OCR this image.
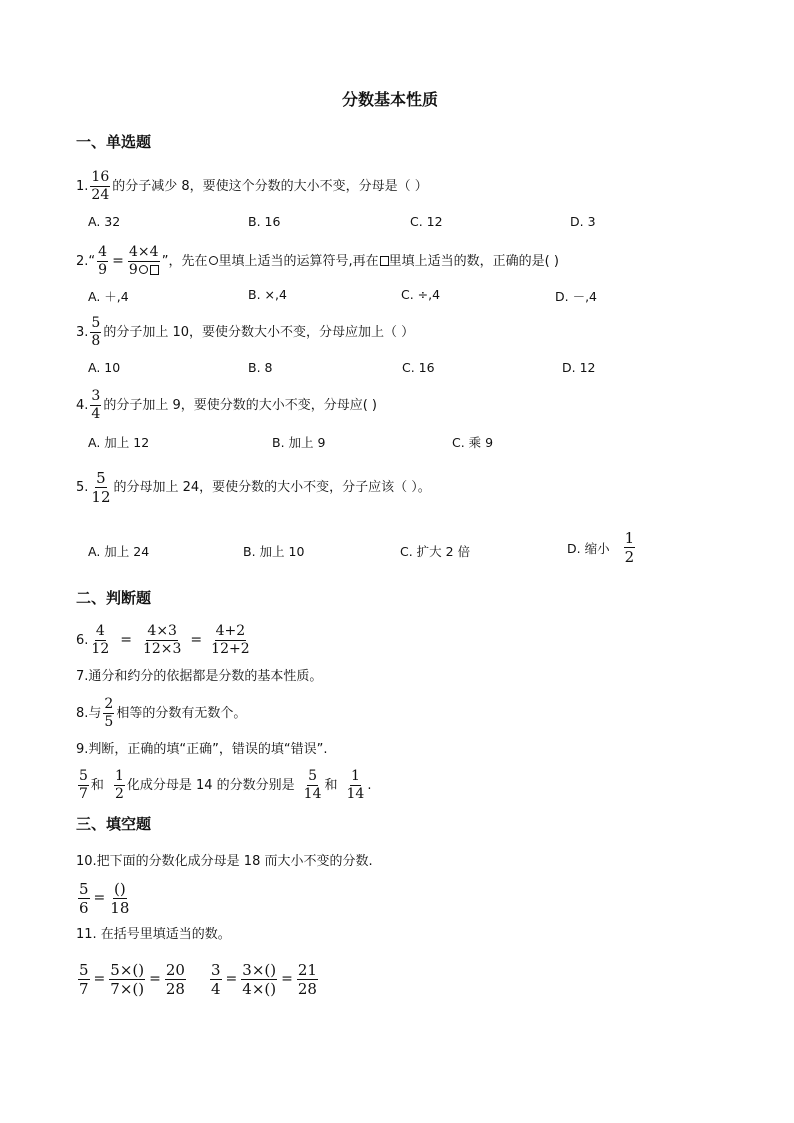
分数基本性质
一、单选题
1. $\frac{16}{24}$ 的分子减少 8，要使这个分数的大小不变，分母是（ ）
A. 32	B. 16	C. 12	D. 3
2.“ $\frac{4}{9} = \frac{4\times 4}{9}$ ”，先在 里填上适当的运算符号,再在 里填上适当的数，正确的是( )
A. ＋,4	B. ×,4	C. ÷,4	D. －,4
3. $\frac{5}{8}$ 的分子加上 10，要使分数大小不变，分母应加上（ ）
A. 10	B. 8	C. 16	D. 12
4. $\frac{3}{4}$ 的分子加上 9，要使分数的大小不变，分母应( )
A. 加上 12	B. 加上 9	C. 乘 9
5. $\frac{5}{12}$ 的分母加上 24，要使分数的大小不变，分子应该（ ）。
A. 加上 24	B. 加上 10	C. 扩大 2 倍	D. 缩小 $\frac{1}{2}$
二、判断题
6. $\frac{4}{12} = \frac{4\times 3}{12\times 3} = \frac{4+2}{12+2}$
7.通分和约分的依据都是分数的基本性质。
8.与 $\frac{2}{5}$ 相等的分数有无数个。
9.判断，正确的填“正确”，错误的填“错误”.
$\frac{5}{7}$ 和 $\frac{1}{2}$ 化成分母是 14 的分数分别是 $\frac{5}{14}$ 和 $\frac{1}{14}$ .
三、填空题
10.把下面的分数化成分母是 18 而大小不变的分数.
$\frac{5}{6} = \frac{()}{18}$
11. 在括号里填适当的数。
$\frac{5}{7} = \frac{5\times()}{7\times()} = \frac{20}{28} \frac{3}{4} = \frac{3\times()}{4\times()} = \frac{21}{28}$
